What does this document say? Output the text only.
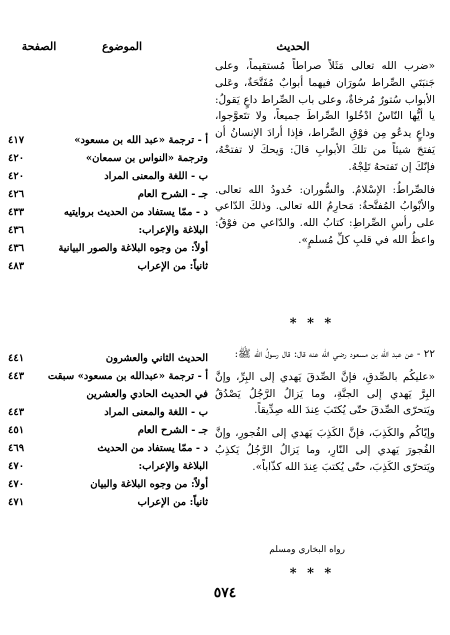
الحديث
الموضوع
الصفحة

«ضرب الله تعالى مَثَلاً صراطاً مُستقيماً، وعلى جَنبَتَي الصِّراط سُورَان فيهما أبوابٌ مُفَتَّحَةٌ، وعَلى الأبواب سُتورٌ مُرخاةٌ، وعلى باب الصِّراط داعٍ يَقولُ: يا أيُّها النّاسُ ادْخُلوا الصِّراطَ جميعاً، ولا تتَعوَّجوا، وداعٍ يدعُو مِن فوْقِ الصِّراط، فإذا أرادَ الإنسانُ أن يَفتحَ شيئاً من تلكَ الأبوابِ قالَ: وَيحكَ لا تفتحْهُ، فإنّكَ إن تَفتحهُ تَلِجْهُ.

فالصِّراطُ: الإسْلامُ. والسُّوران: حُدودُ الله تعالى. والأبْوابُ المُفتَّحةُ: مَحارِمُ الله تعالى. وذلكَ الدّاعي على رأسِ الصِّراطِ: كتابُ الله. والدّاعي من فوْقُ: واعظُ الله في قلبِ كلِّ مُسلمٍ».

أ - ترجمة «عبد الله بن مسعود»
٤١٧
وترجمة «النواس بن سمعان»
٤٢٠
ب - اللغة والمعنى المراد
٤٢٠
جـ - الشرح العام
٤٢٦
د - ممّا يستفاد من الحديث بروايتيه
٤٣٣
البلاغة والإعراب:
٤٣٦
أولاً: من وجوه البلاغة والصور البيانية
٤٣٦
ثانياً: من الإعراب
٤٨٣
* * *

٢٢ - عن عبد الله بن مسعود رضي الله عنه قال: قال رسولُ الله ﷺ:

«عليكُم بالصِّدقِ، فإنَّ الصِّدقَ يَهدي إلى البِرِّ، وإنَّ البِرَّ يَهدي إلى الجنَّةِ، وما يَزالُ الرَّجُلُ يَصْدُقُ ويَتحرّى الصِّدقَ حتّى يُكتَبَ عِندَ الله صِدِّيقاً.

وإيّاكُم والكَذِبَ، فإنَّ الكَذِبَ يَهدي إلى الفُجورِ، وإنَّ الفُجورَ يَهدي إلى النّارِ، وما يَزالُ الرَّجُلُ يَكذِبُ ويَتحرّى الكَذِبَ، حتّى يُكتبَ عِندَ الله كذّاباً».

رواه البخاري ومسلم
الحديث الثاني والعشرون
٤٤١
أ - ترجمة «عبدالله بن مسعود» سبقت في الحديث الحادي والعشرين
٤٤٣
ب - اللغة والمعنى المراد
٤٤٣
جـ - الشرح العام
٤٥١
د - ممّا يستفاد من الحديث
٤٦٩
البلاغة والإعراب:
٤٧٠
أولاً: من وجوه البلاغة والبيان
٤٧٠
ثانياً: من الإعراب
٤٧١
* * *
٥٧٤
